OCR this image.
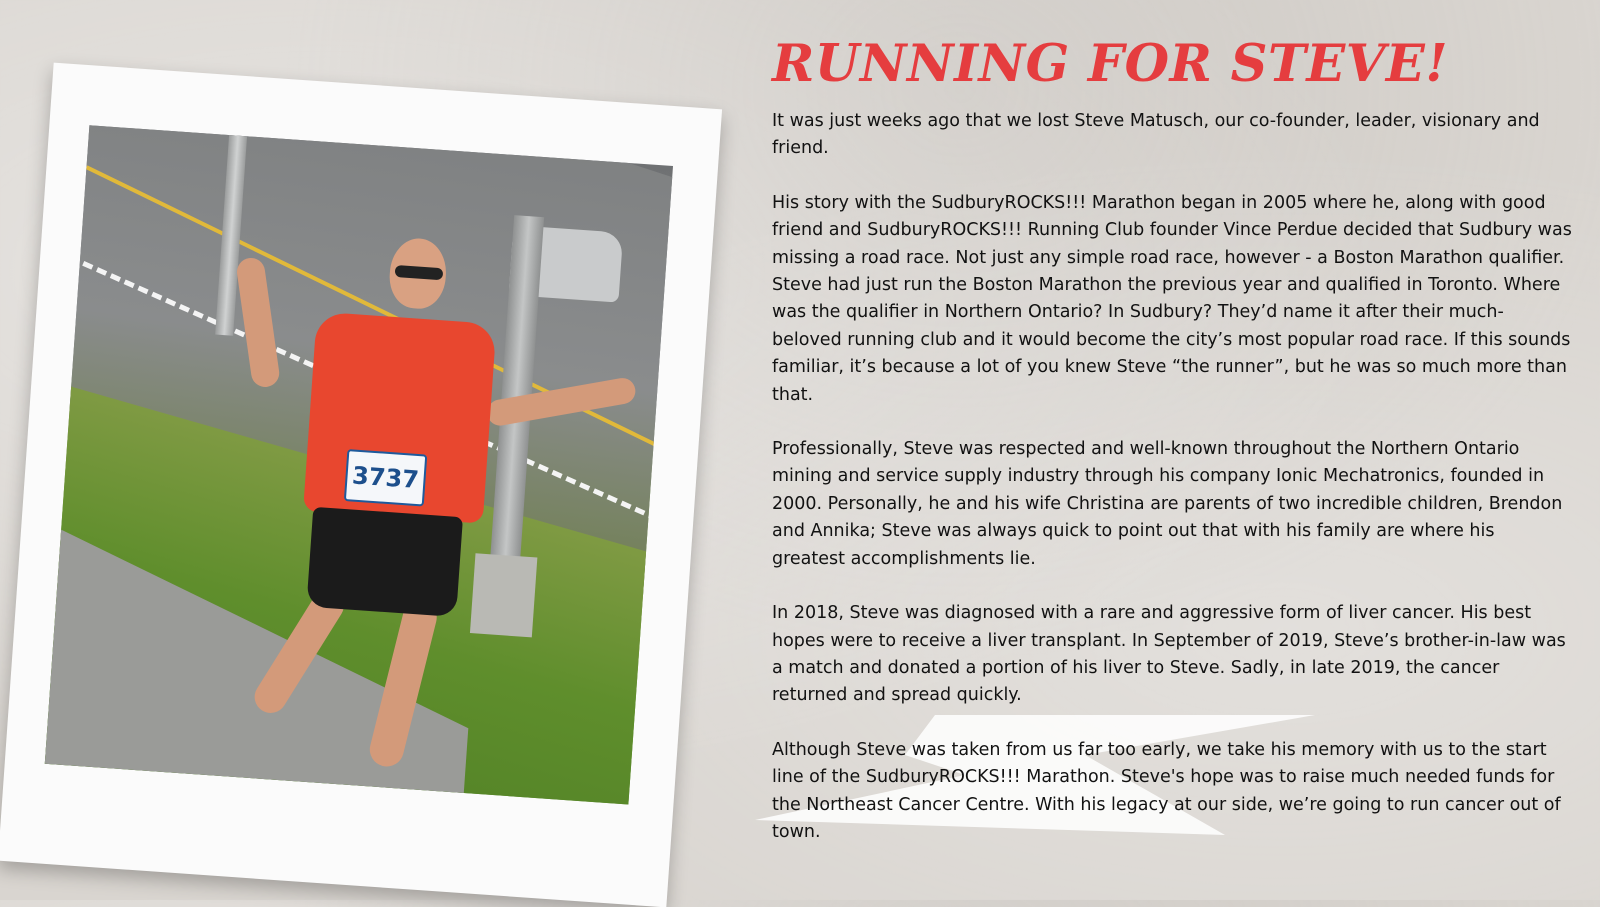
3737
RUNNING FOR STEVE!

It was just weeks ago that we lost Steve Matusch, our co-founder, leader, visionary and friend.

His story with the SudburyROCKS!!! Marathon began in 2005 where he, along with good friend and SudburyROCKS!!! Running Club founder Vince Perdue decided that Sudbury was missing a road race. Not just any simple road race, however - a Boston Marathon qualifier. Steve had just run the Boston Marathon the previous year and qualified in Toronto. Where was the qualifier in Northern Ontario? In Sudbury? They’d name it after their much-beloved running club and it would become the city’s most popular road race. If this sounds familiar, it’s because a lot of you knew Steve “the runner”, but he was so much more than that.

Professionally, Steve was respected and well-known throughout the Northern Ontario mining and service supply industry through his company Ionic Mechatronics, founded in 2000. Personally, he and his wife Christina are parents of two incredible children, Brendon and Annika; Steve was always quick to point out that with his family are where his greatest accomplishments lie.

In 2018, Steve was diagnosed with a rare and aggressive form of liver cancer. His best hopes were to receive a liver transplant. In September of 2019, Steve’s brother-in-law was a match and donated a portion of his liver to Steve. Sadly, in late 2019, the cancer returned and spread quickly.

Although Steve was taken from us far too early, we take his memory with us to the start line of the SudburyROCKS!!! Marathon. Steve's hope was to raise much needed funds for the Northeast Cancer Centre. With his legacy at our side, we’re going to run cancer out of town.
